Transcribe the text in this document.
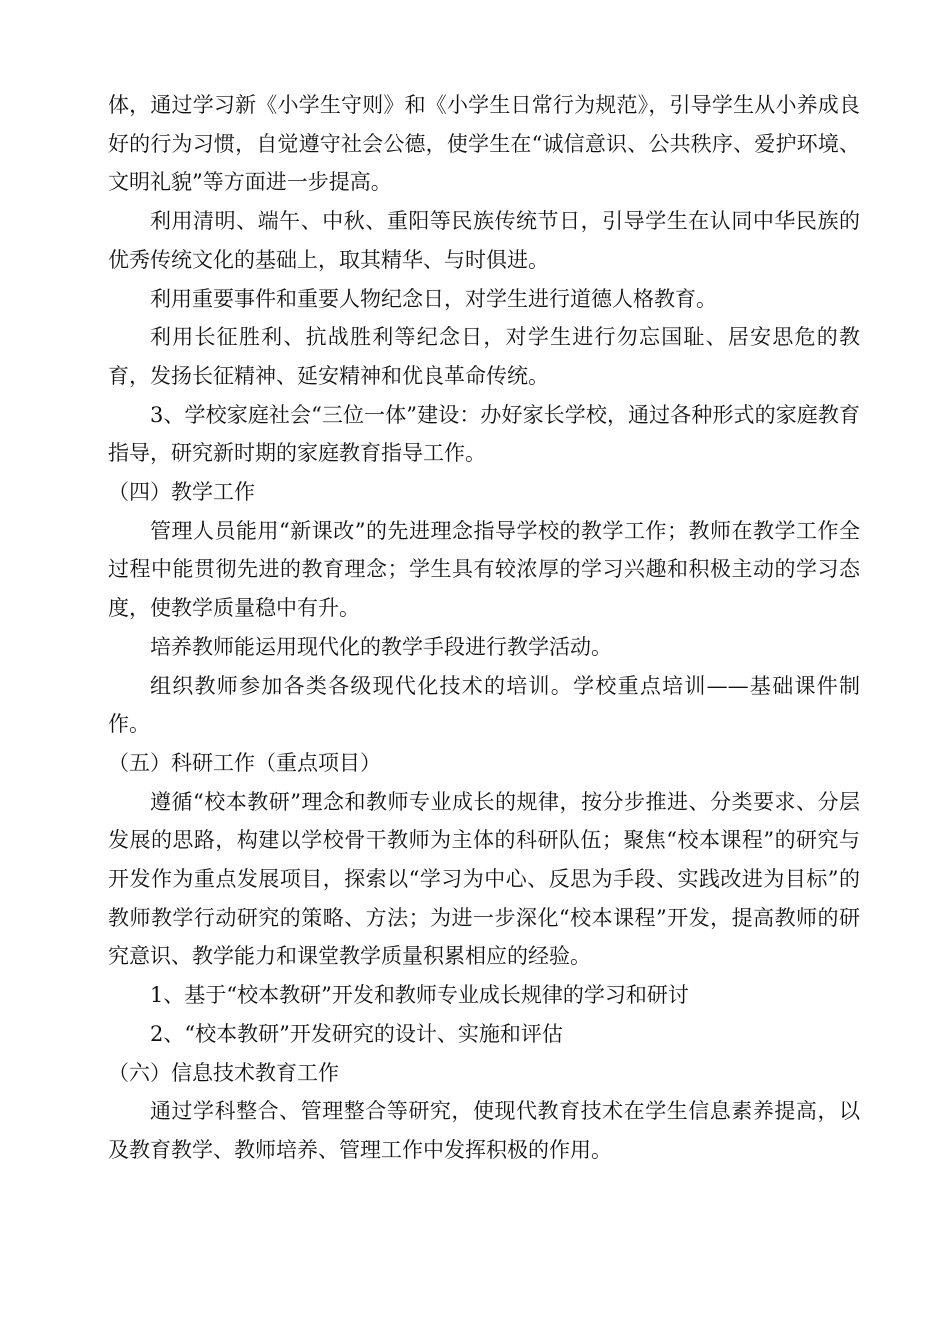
体，通过学习新《小学生守则》和《小学生日常行为规范》，引导学生从小养成良好的行为习惯，自觉遵守社会公德，使学生在“诚信意识、公共秩序、爱护环境、文明礼貌”等方面进一步提高。

利用清明、端午、中秋、重阳等民族传统节日，引导学生在认同中华民族的优秀传统文化的基础上，取其精华、与时俱进。

利用重要事件和重要人物纪念日，对学生进行道德人格教育。

利用长征胜利、抗战胜利等纪念日，对学生进行勿忘国耻、居安思危的教育，发扬长征精神、延安精神和优良革命传统。

3、学校家庭社会“三位一体”建设：办好家长学校，通过各种形式的家庭教育指导，研究新时期的家庭教育指导工作。

（四）教学工作

管理人员能用“新课改”的先进理念指导学校的教学工作；教师在教学工作全过程中能贯彻先进的教育理念；学生具有较浓厚的学习兴趣和积极主动的学习态度，使教学质量稳中有升。

培养教师能运用现代化的教学手段进行教学活动。

组织教师参加各类各级现代化技术的培训。学校重点培训——基础课件制作。

（五）科研工作（重点项目）

遵循“校本教研”理念和教师专业成长的规律，按分步推进、分类要求、分层发展的思路，构建以学校骨干教师为主体的科研队伍；聚焦“校本课程”的研究与开发作为重点发展项目，探索以“学习为中心、反思为手段、实践改进为目标”的教师教学行动研究的策略、方法；为进一步深化“校本课程”开发，提高教师的研究意识、教学能力和课堂教学质量积累相应的经验。

1、基于“校本教研”开发和教师专业成长规律的学习和研讨

2、“校本教研”开发研究的设计、实施和评估

（六）信息技术教育工作

通过学科整合、管理整合等研究，使现代教育技术在学生信息素养提高，以及教育教学、教师培养、管理工作中发挥积极的作用。
